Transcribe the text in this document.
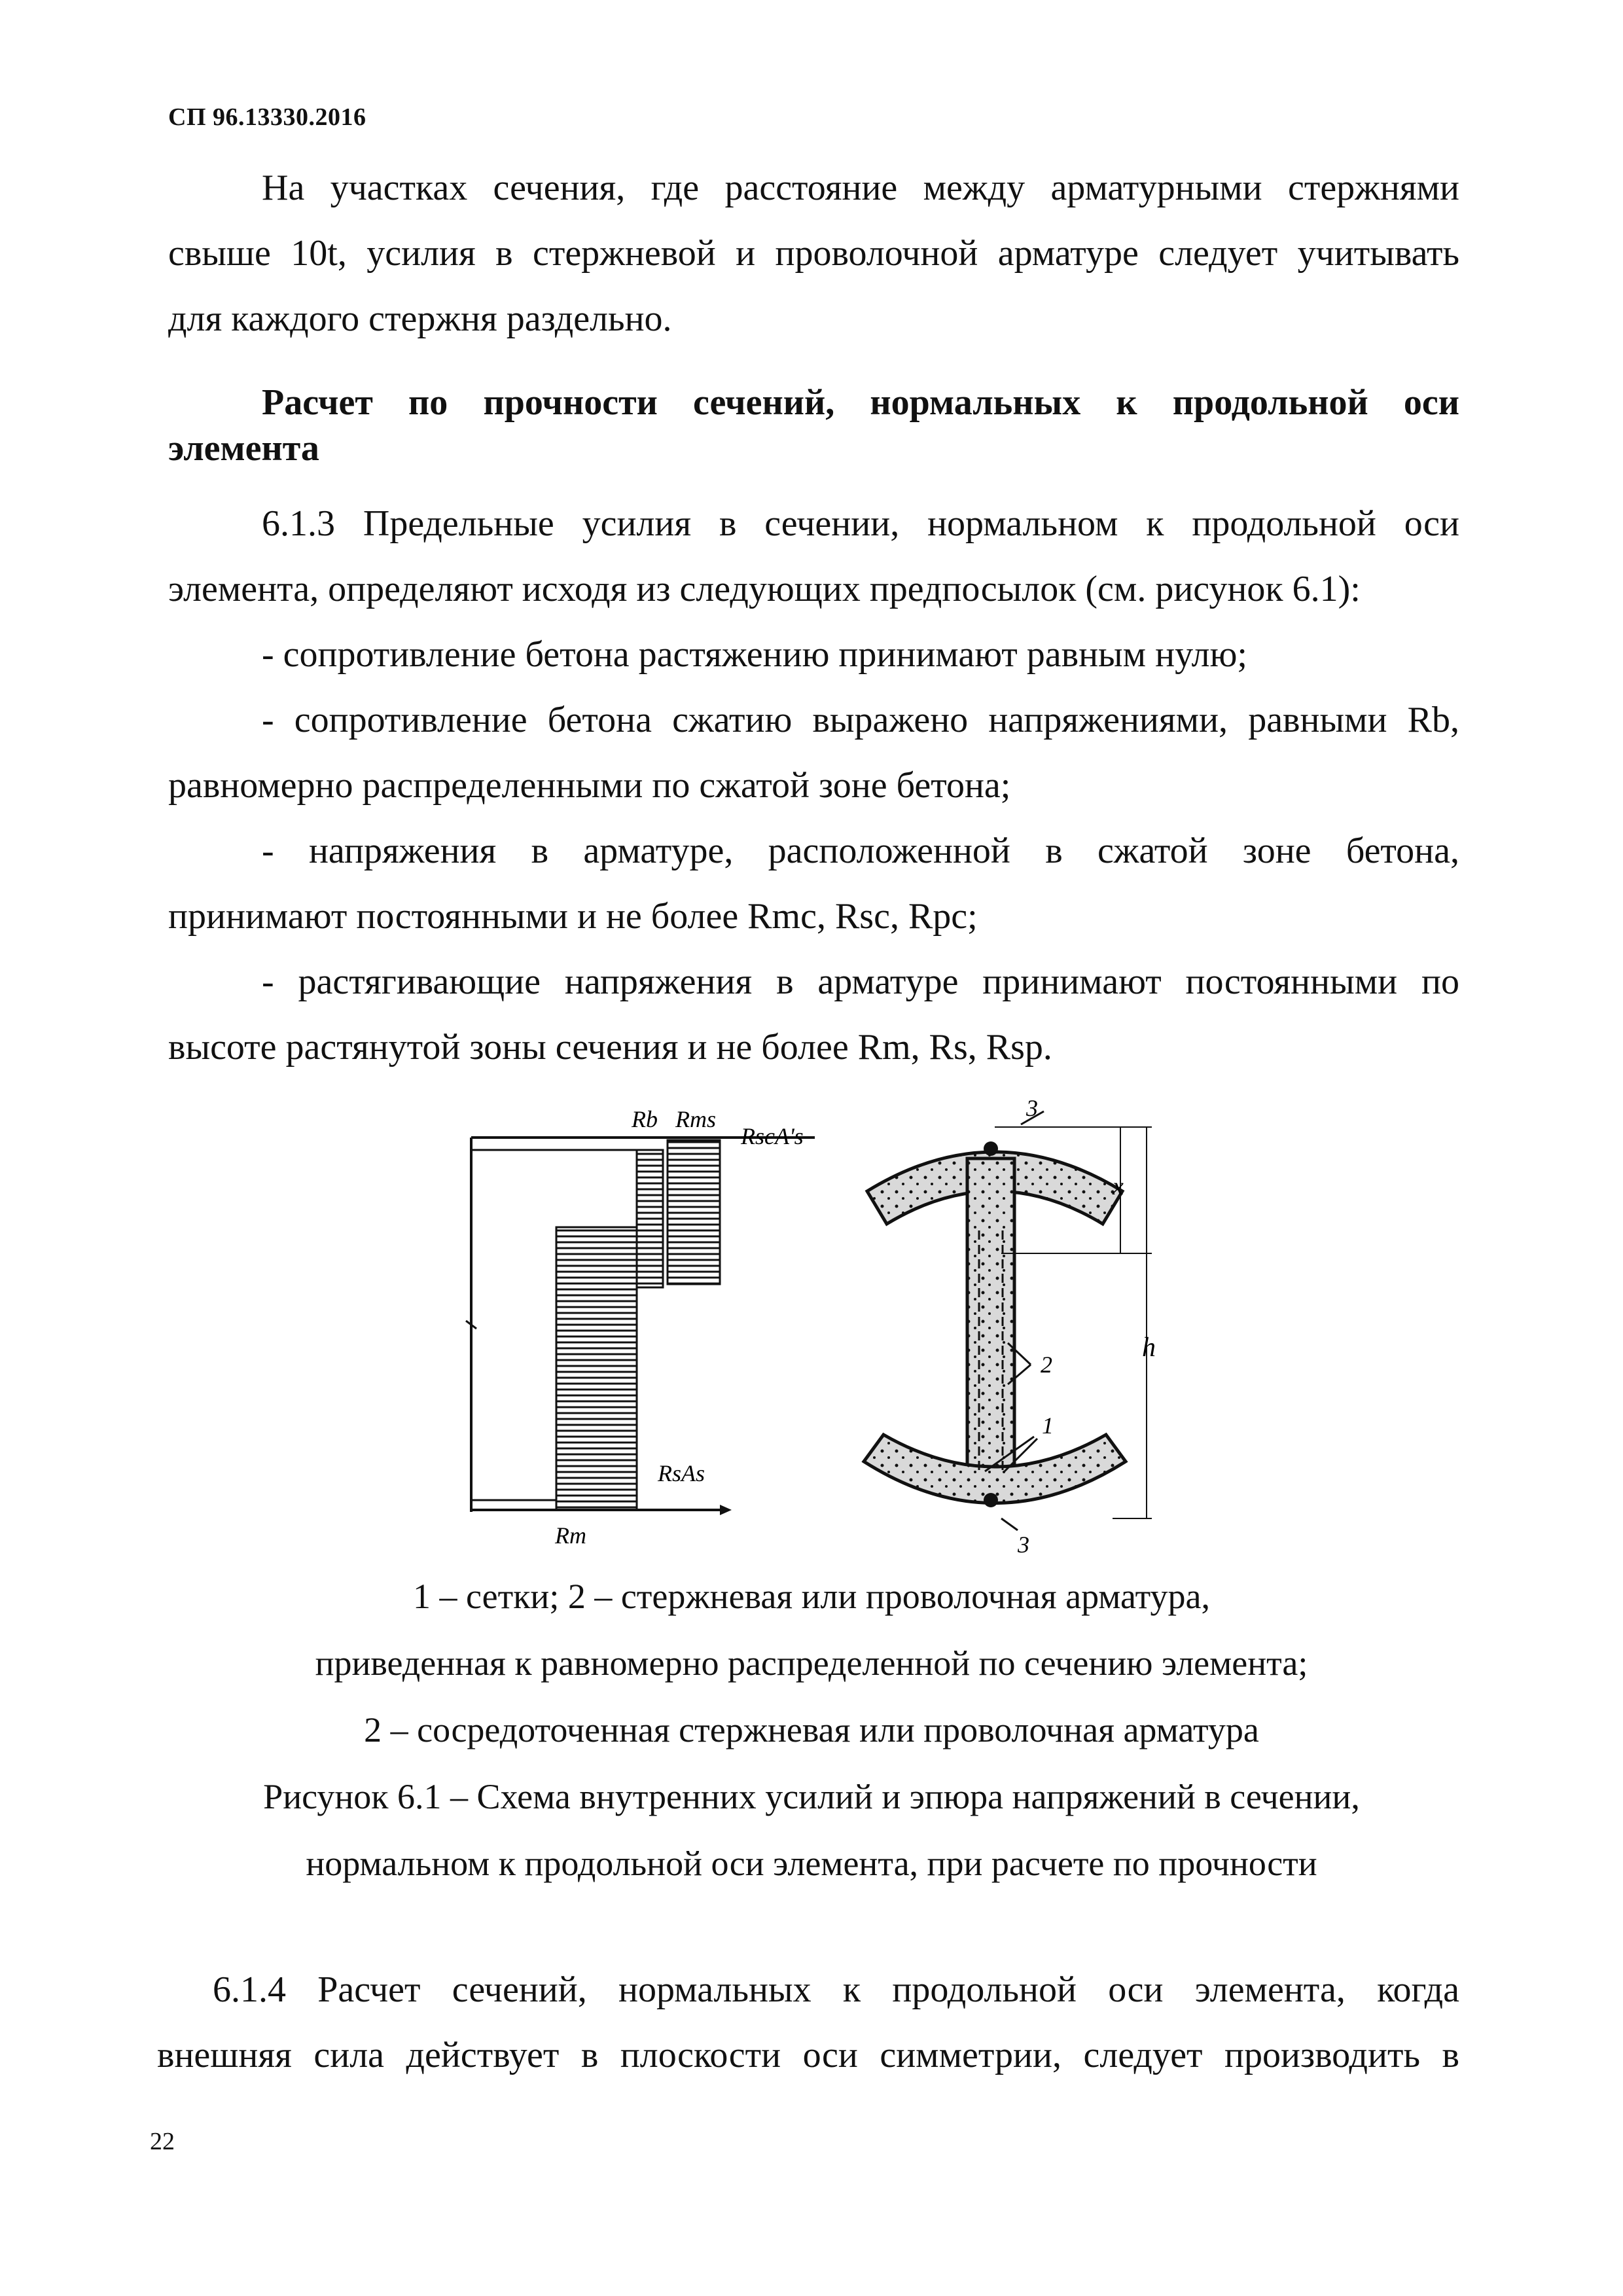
СП 96.13330.2016
На участках сечения, где расстояние между арматурными стержнями
свыше 10t, усилия в стержневой и проволочной арматуре следует учитывать
для каждого стержня раздельно.
Расчет по прочности сечений, нормальных к продольной оси
элемента
6.1.3 Предельные усилия в сечении, нормальном к продольной оси
элемента, определяют исходя из следующих предпосылок (см. рисунок 6.1):
- сопротивление бетона растяжению принимают равным нулю;
- сопротивление бетона сжатию выражено напряжениями, равными Rb,
равномерно распределенными по сжатой зоне бетона;
- напряжения в арматуре, расположенной в сжатой зоне бетона,
принимают постоянными и не более Rmc, Rsc, Rpc;
- растягивающие напряжения в арматуре принимают постоянными по
высоте растянутой зоны сечения и не более Rm, Rs, Rsp.
Rb Rms
RscA's
RsAs
Rm
3
x
h
2
1
3
1 – сетки; 2 – стержневая или проволочная арматура,
приведенная к равномерно распределенной по сечению элемента;
2 – сосредоточенная стержневая или проволочная арматура
Рисунок 6.1 – Схема внутренних усилий и эпюра напряжений в сечении,
нормальном к продольной оси элемента, при расчете по прочности
6.1.4 Расчет сечений, нормальных к продольной оси элемента, когда
внешняя сила действует в плоскости оси симметрии, следует производить в
22
